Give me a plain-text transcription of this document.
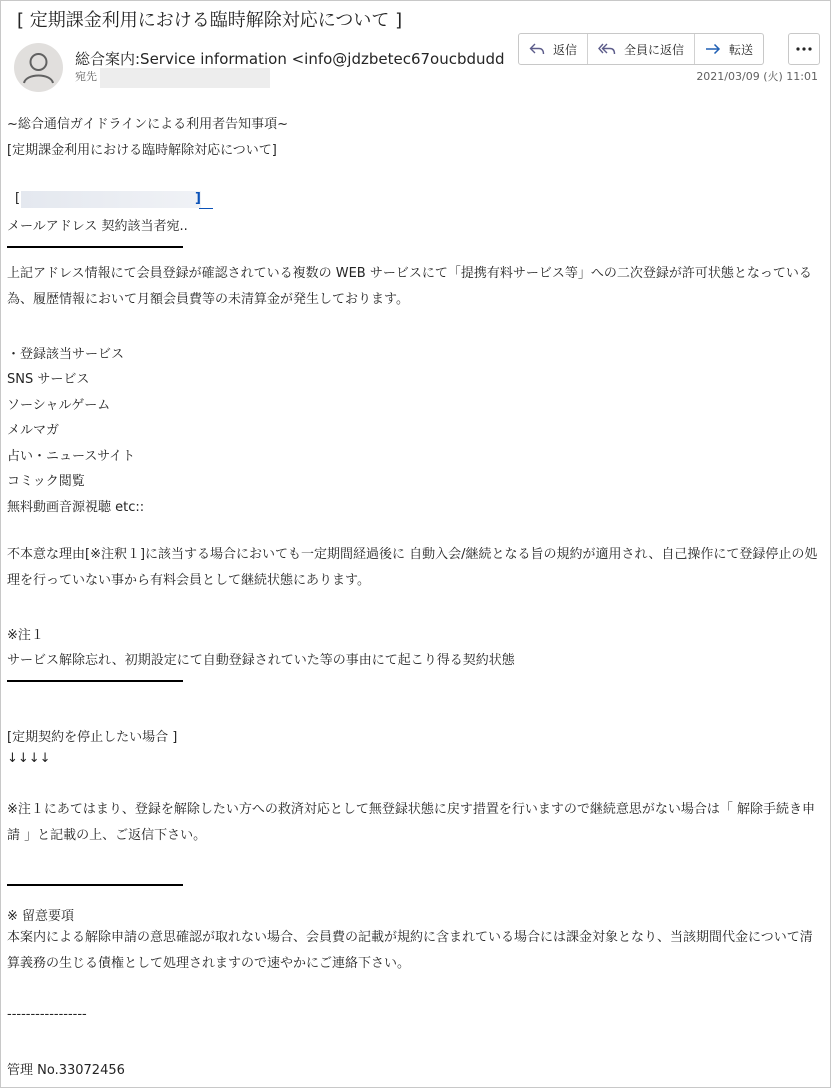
[ 定期課金利用における臨時解除対応について ]
総合案内:Service information <info@jdzbetec67oucbdudd
宛先
返信	全員に返信	転送
2021/03/09 (火) 11:01
~総合通信ガイドラインによる利用者告知事項~
[定期課金利用における臨時解除対応について]
[	]
メールアドレス 契約該当者宛..
上記アドレス情報にて会員登録が確認されている複数の WEB サービスにて「提携有料サービス等」への二次登録が許可状態となっている為、履歴情報において月額会員費等の未清算金が発生しております。
・登録該当サービス
SNS サービス
ソーシャルゲーム
メルマガ
占い・ニュースサイト
コミック閲覧
無料動画音源視聴 etc::
不本意な理由[※注釈１]に該当する場合においても一定期間経過後に 自動入会/継続となる旨の規約が適用され、自己操作にて登録停止の処理を行っていない事から有料会員として継続状態にあります。
※注１
サービス解除忘れ、初期設定にて自動登録されていた等の事由にて起こり得る契約状態
[定期契約を停止したい場合 ]
↓↓↓↓
※注１にあてはまり、登録を解除したい方への救済対応として無登録状態に戻す措置を行いますので継続意思がない場合は「 解除手続き申請 」と記載の上、ご返信下さい。
※ 留意要項
本案内による解除申請の意思確認が取れない場合、会員費の記載が規約に含まれている場合には課金対象となり、当該期間代金について清算義務の生じる債権として処理されますので速やかにご連絡下さい。
-----------------
管理 No.33072456
